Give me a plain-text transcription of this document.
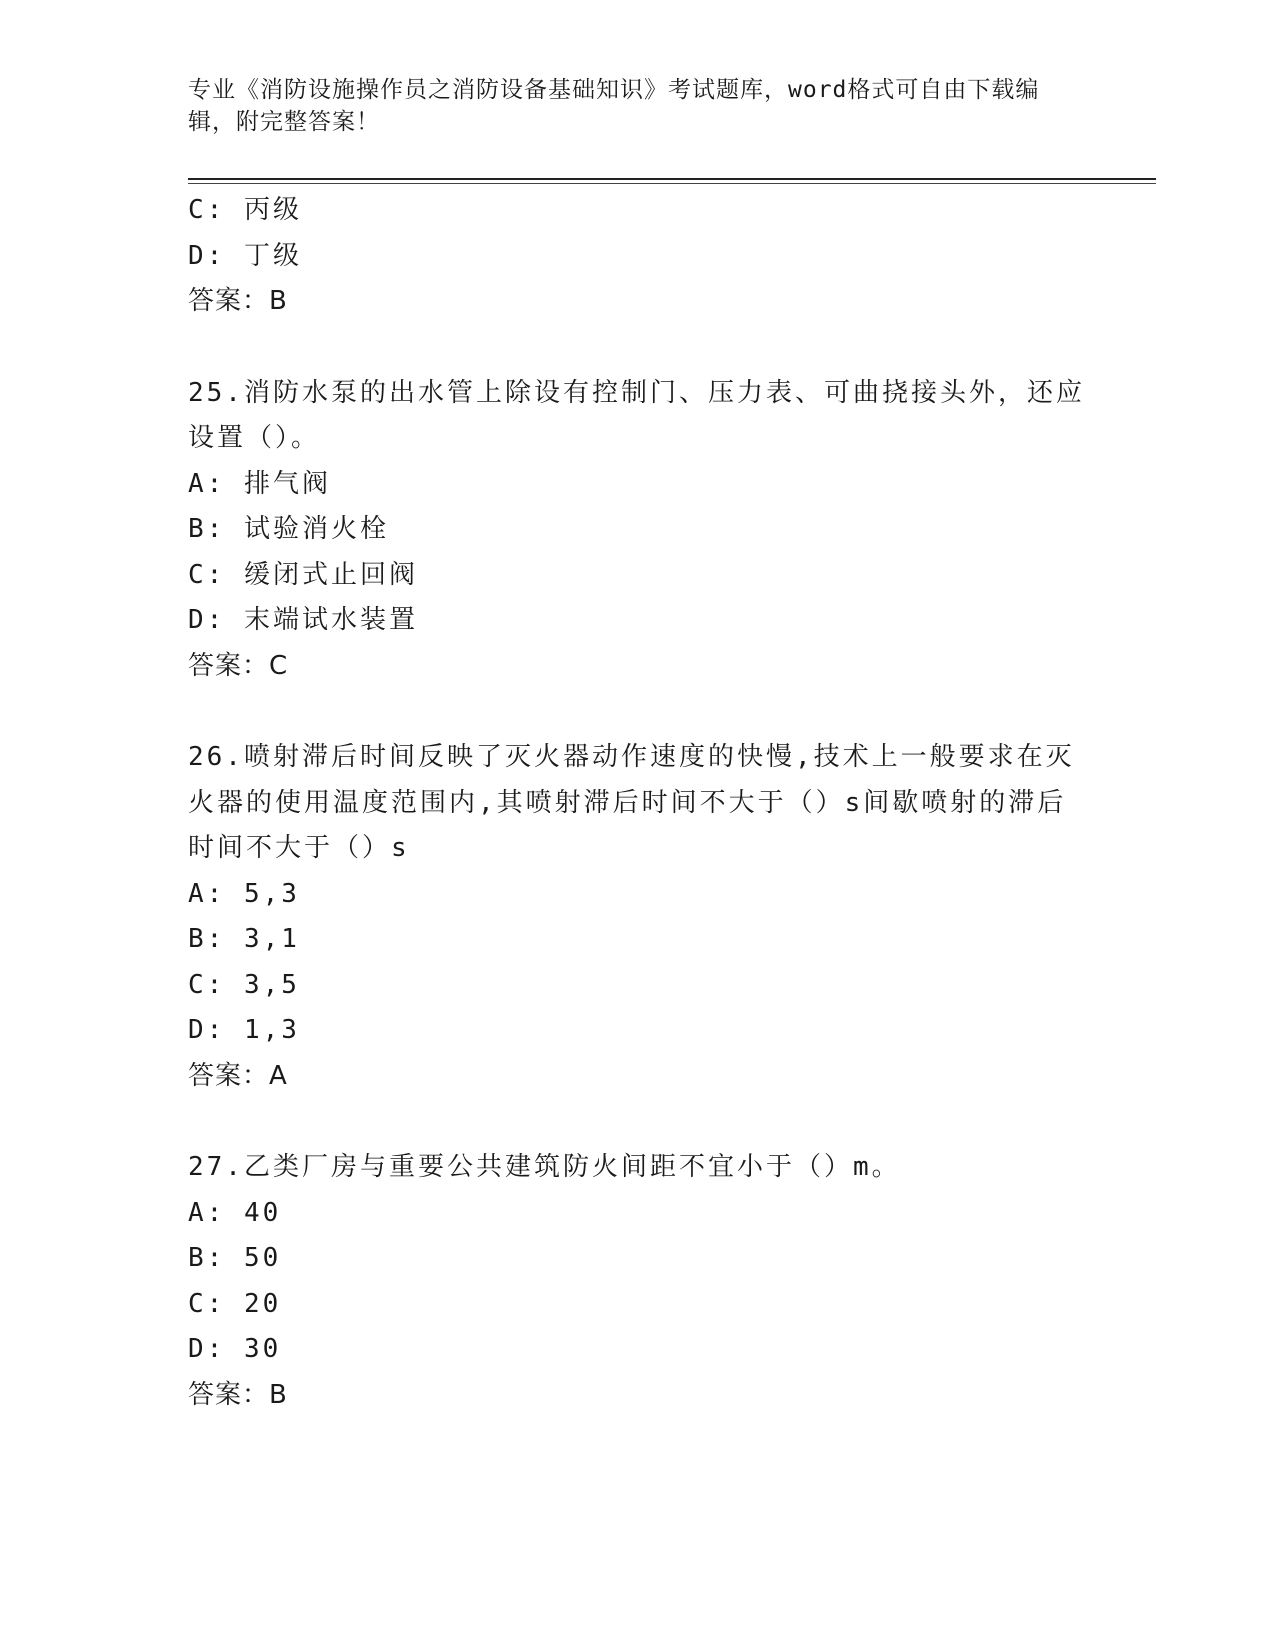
专业《消防设施操作员之消防设备基础知识》考试题库，word格式可自由下载编
辑，附完整答案！
C: 丙级
D: 丁级
答案：B
25.消防水泵的出水管上除设有控制门、压力表、可曲挠接头外，还应
设置（）。
A: 排气阀
B: 试验消火栓
C: 缓闭式止回阀
D: 末端试水装置
答案：C
26.喷射滞后时间反映了灭火器动作速度的快慢,技术上一般要求在灭
火器的使用温度范围内,其喷射滞后时间不大于（）s间歇喷射的滞后
时间不大于（）s
A: 5,3
B: 3,1
C: 3,5
D: 1,3
答案：A
27.乙类厂房与重要公共建筑防火间距不宜小于（）m。
A: 40
B: 50
C: 20
D: 30
答案：B
